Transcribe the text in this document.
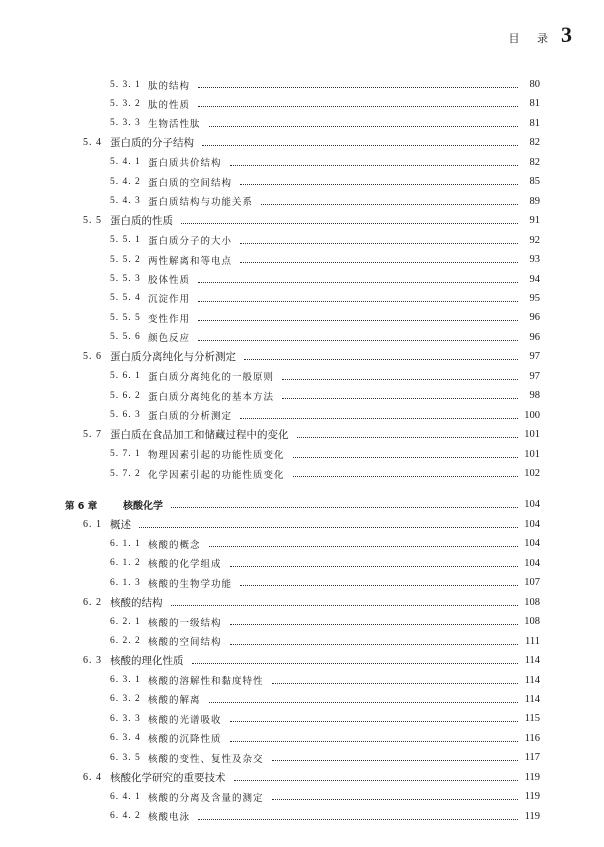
目 录 3
5. 3. 1 肽的结构	80
5. 3. 2 肽的性质	81
5. 3. 3 生物活性肽	81
5. 4 蛋白质的分子结构	82
5. 4. 1 蛋白质共价结构	82
5. 4. 2 蛋白质的空间结构	85
5. 4. 3 蛋白质结构与功能关系	89
5. 5 蛋白质的性质	91
5. 5. 1 蛋白质分子的大小	92
5. 5. 2 两性解离和等电点	93
5. 5. 3 胶体性质	94
5. 5. 4 沉淀作用	95
5. 5. 5 变性作用	96
5. 5. 6 颜色反应	96
5. 6 蛋白质分离纯化与分析测定	97
5. 6. 1 蛋白质分离纯化的一般原则	97
5. 6. 2 蛋白质分离纯化的基本方法	98
5. 6. 3 蛋白质的分析测定	100
5. 7 蛋白质在食品加工和储藏过程中的变化	101
5. 7. 1 物理因素引起的功能性质变化	101
5. 7. 2 化学因素引起的功能性质变化	102
第 6 章	核酸化学	104
6. 1 概述	104
6. 1. 1 核酸的概念	104
6. 1. 2 核酸的化学组成	104
6. 1. 3 核酸的生物学功能	107
6. 2 核酸的结构	108
6. 2. 1 核酸的一级结构	108
6. 2. 2 核酸的空间结构	111
6. 3 核酸的理化性质	114
6. 3. 1 核酸的溶解性和黏度特性	114
6. 3. 2 核酸的解离	114
6. 3. 3 核酸的光谱吸收	115
6. 3. 4 核酸的沉降性质	116
6. 3. 5 核酸的变性、复性及杂交	117
6. 4 核酸化学研究的重要技术	119
6. 4. 1 核酸的分离及含量的测定	119
6. 4. 2 核酸电泳	119
